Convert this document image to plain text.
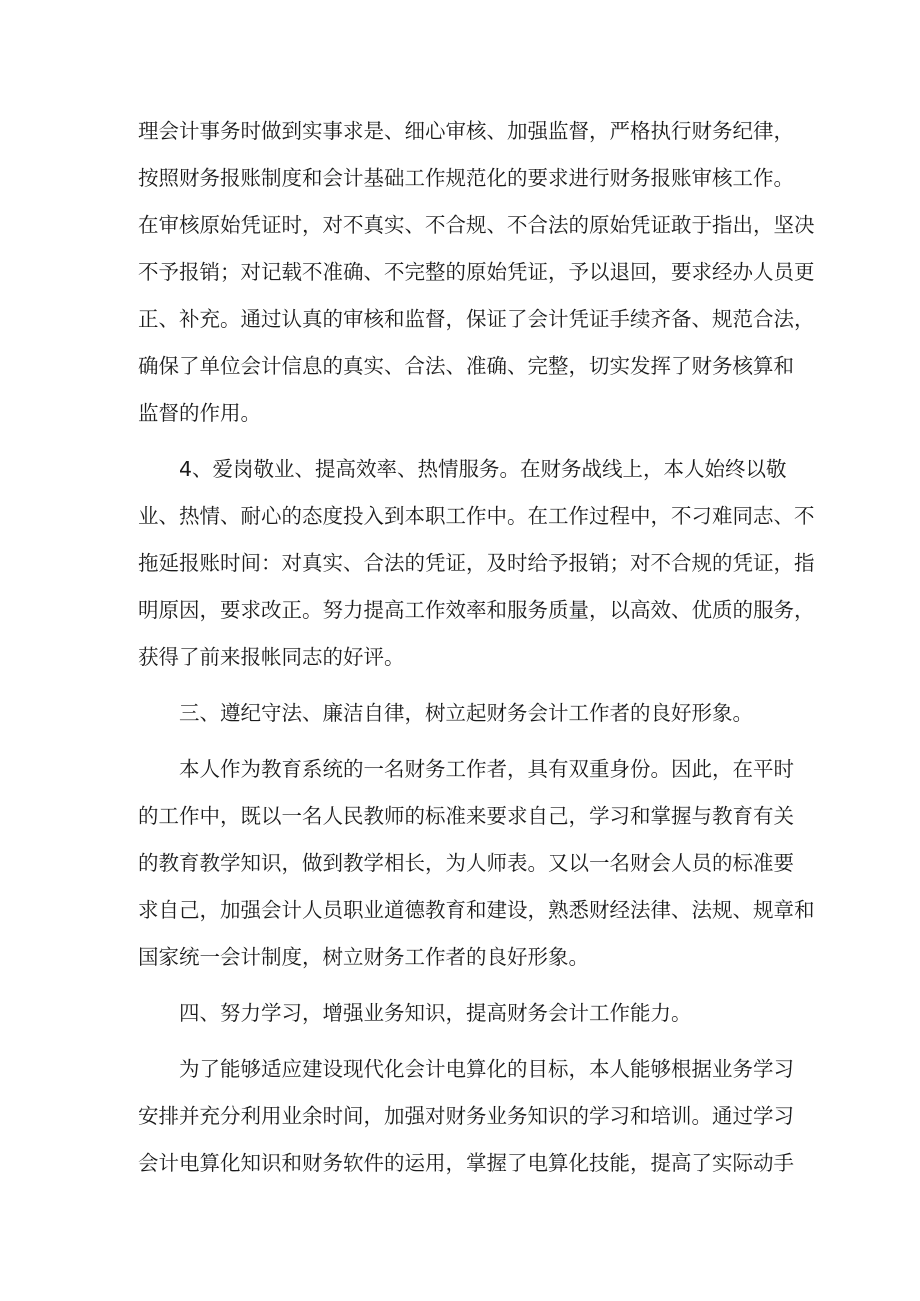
理会计事务时做到实事求是、细心审核、加强监督，严格执行财务纪律，
按照财务报账制度和会计基础工作规范化的要求进行财务报账审核工作。
在审核原始凭证时，对不真实、不合规、不合法的原始凭证敢于指出，坚决
不予报销；对记载不准确、不完整的原始凭证，予以退回，要求经办人员更
正、补充。通过认真的审核和监督，保证了会计凭证手续齐备、规范合法，
确保了单位会计信息的真实、合法、准确、完整，切实发挥了财务核算和
监督的作用。
4、爱岗敬业、提高效率、热情服务。在财务战线上，本人始终以敬
业、热情、耐心的态度投入到本职工作中。在工作过程中，不刁难同志、不
拖延报账时间：对真实、合法的凭证，及时给予报销；对不合规的凭证，指
明原因，要求改正。努力提高工作效率和服务质量，以高效、优质的服务，
获得了前来报帐同志的好评。
三、遵纪守法、廉洁自律，树立起财务会计工作者的良好形象。
本人作为教育系统的一名财务工作者，具有双重身份。因此，在平时
的工作中，既以一名人民教师的标准来要求自己，学习和掌握与教育有关
的教育教学知识，做到教学相长，为人师表。又以一名财会人员的标准要
求自己，加强会计人员职业道德教育和建设，熟悉财经法律、法规、规章和
国家统一会计制度，树立财务工作者的良好形象。
四、努力学习，增强业务知识，提高财务会计工作能力。
为了能够适应建设现代化会计电算化的目标，本人能够根据业务学习
安排并充分利用业余时间，加强对财务业务知识的学习和培训。通过学习
会计电算化知识和财务软件的运用，掌握了电算化技能，提高了实际动手
